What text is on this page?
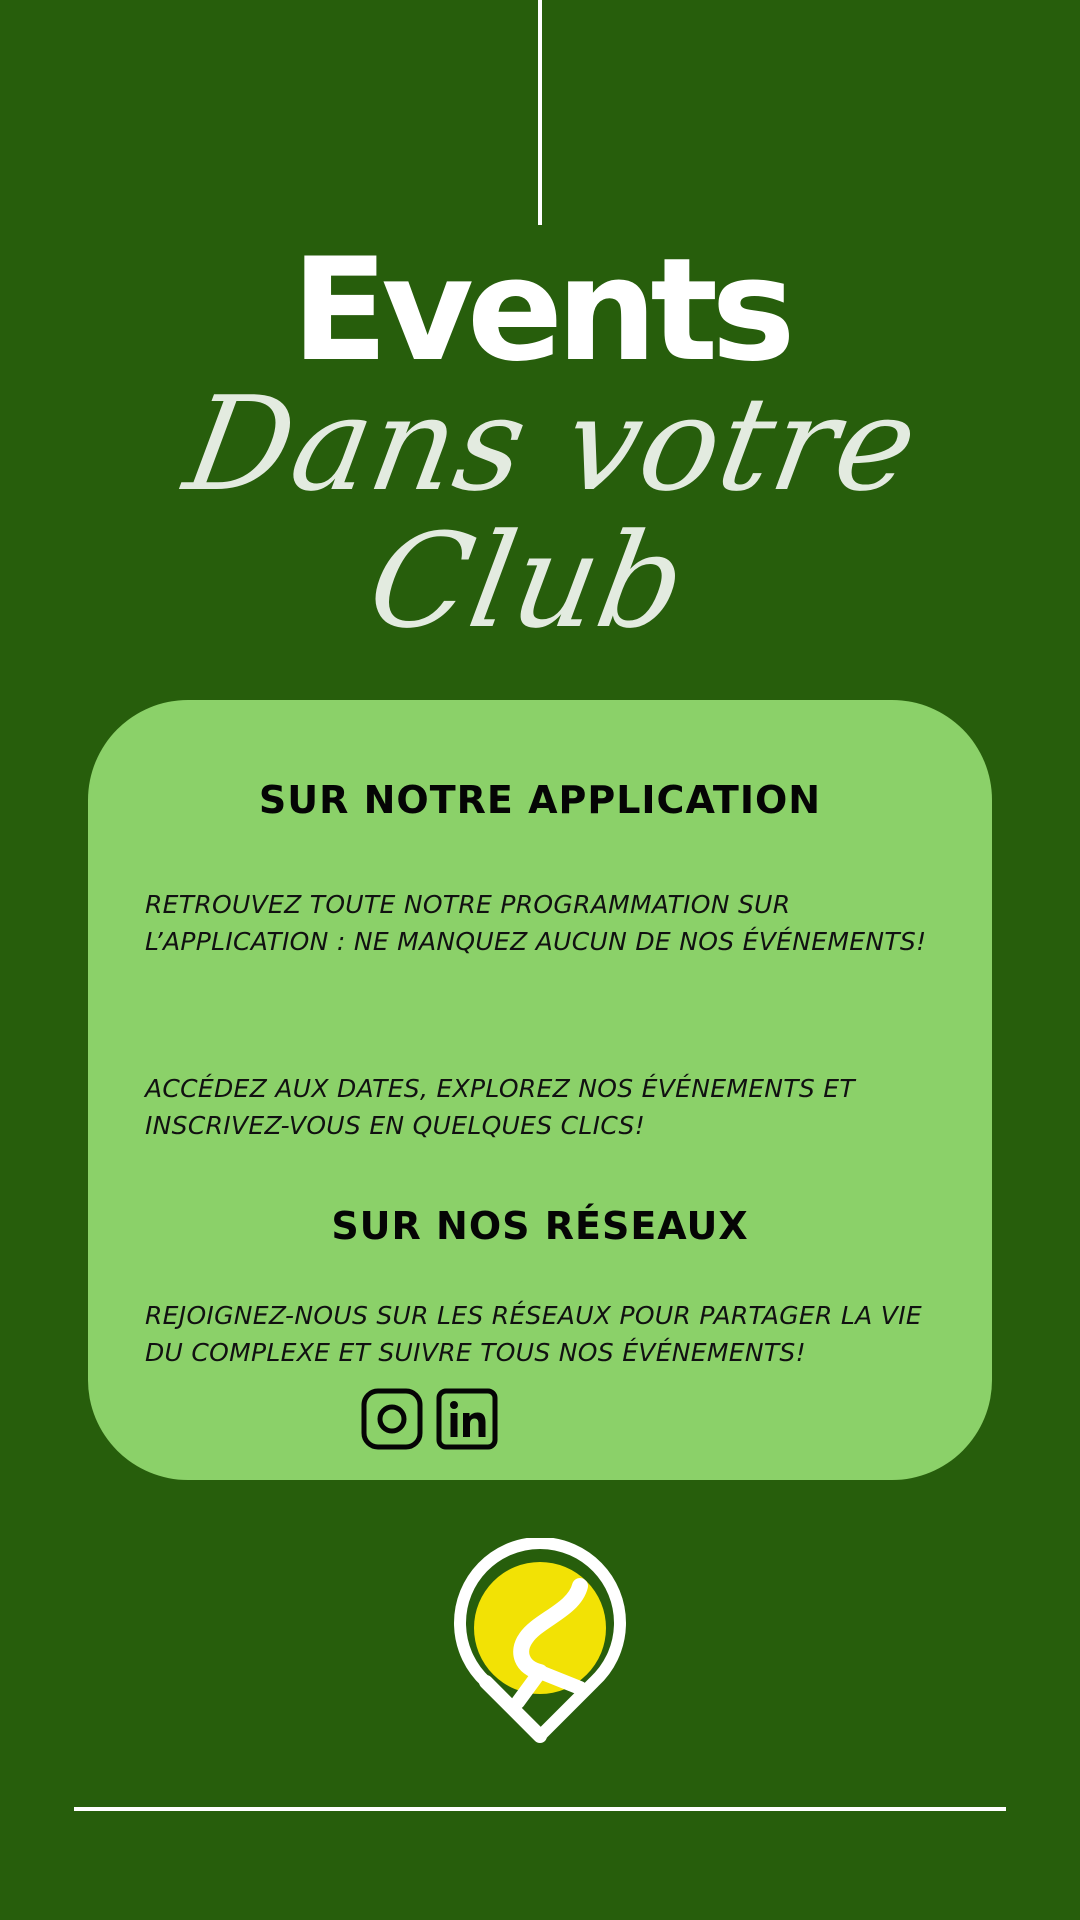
Events
Dans votre Club
SUR NOTRE APPLICATION
RETROUVEZ TOUTE NOTRE PROGRAMMATION SUR L’APPLICATION : NE MANQUEZ AUCUN DE NOS ÉVÉNEMENTS!
ACCÉDEZ AUX DATES, EXPLOREZ NOS ÉVÉNEMENTS ET INSCRIVEZ-VOUS EN QUELQUES CLICS!
SUR NOS RÉSEAUX
REJOIGNEZ-NOUS SUR LES RÉSEAUX POUR PARTAGER LA VIE DU COMPLEXE ET SUIVRE TOUS NOS ÉVÉNEMENTS!
